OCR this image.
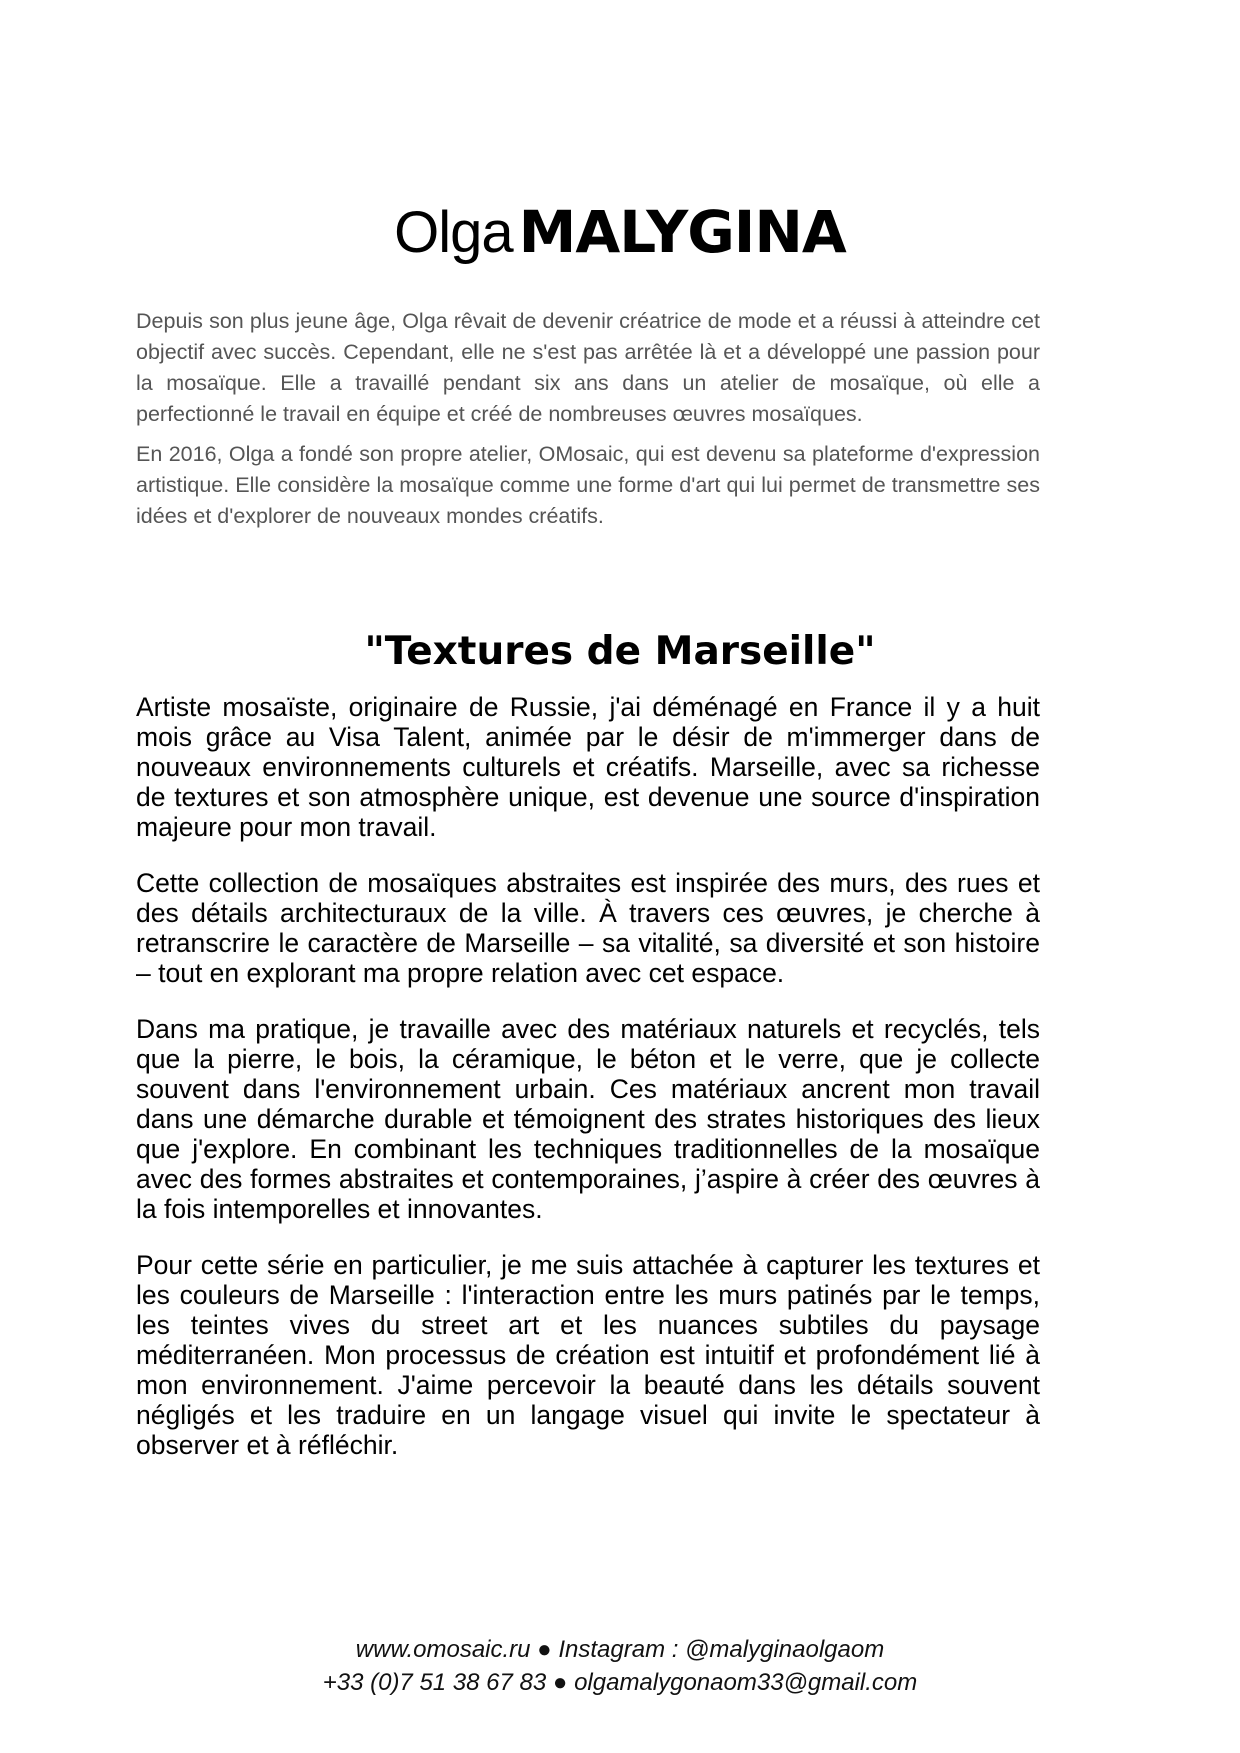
Olga MALYGINA

Depuis son plus jeune âge, Olga rêvait de devenir créatrice de mode et a réussi à atteindre cet objectif avec succès. Cependant, elle ne s'est pas arrêtée là et a développé une passion pour la mosaïque. Elle a travaillé pendant six ans dans un atelier de mosaïque, où elle a perfectionné le travail en équipe et créé de nombreuses œuvres mosaïques.

En 2016, Olga a fondé son propre atelier, OMosaic, qui est devenu sa plateforme d'expression artistique. Elle considère la mosaïque comme une forme d'art qui lui permet de transmettre ses idées et d'explorer de nouveaux mondes créatifs.

"Textures de Marseille"

Artiste mosaïste, originaire de Russie, j'ai déménagé en France il y a huit mois grâce au Visa Talent, animée par le désir de m'immerger dans de nouveaux environnements culturels et créatifs. Marseille, avec sa richesse de textures et son atmosphère unique, est devenue une source d'inspiration majeure pour mon travail.

Cette collection de mosaïques abstraites est inspirée des murs, des rues et des détails architecturaux de la ville. À travers ces œuvres, je cherche à retranscrire le caractère de Marseille – sa vitalité, sa diversité et son histoire – tout en explorant ma propre relation avec cet espace.

Dans ma pratique, je travaille avec des matériaux naturels et recyclés, tels que la pierre, le bois, la céramique, le béton et le verre, que je collecte souvent dans l'environnement urbain. Ces matériaux ancrent mon travail dans une démarche durable et témoignent des strates historiques des lieux que j'explore. En combinant les techniques traditionnelles de la mosaïque avec des formes abstraites et contemporaines, j’aspire à créer des œuvres à la fois intemporelles et innovantes.

Pour cette série en particulier, je me suis attachée à capturer les textures et les couleurs de Marseille : l'interaction entre les murs patinés par le temps, les teintes vives du street art et les nuances subtiles du paysage méditerranéen. Mon processus de création est intuitif et profondément lié à mon environnement. J'aime percevoir la beauté dans les détails souvent négligés et les traduire en un langage visuel qui invite le spectateur à observer et à réfléchir.

www.omosaic.ru ● Instagram : @malyginaolgaom
+33 (0)7 51 38 67 83 ● olgamalygonaom33@gmail.com
